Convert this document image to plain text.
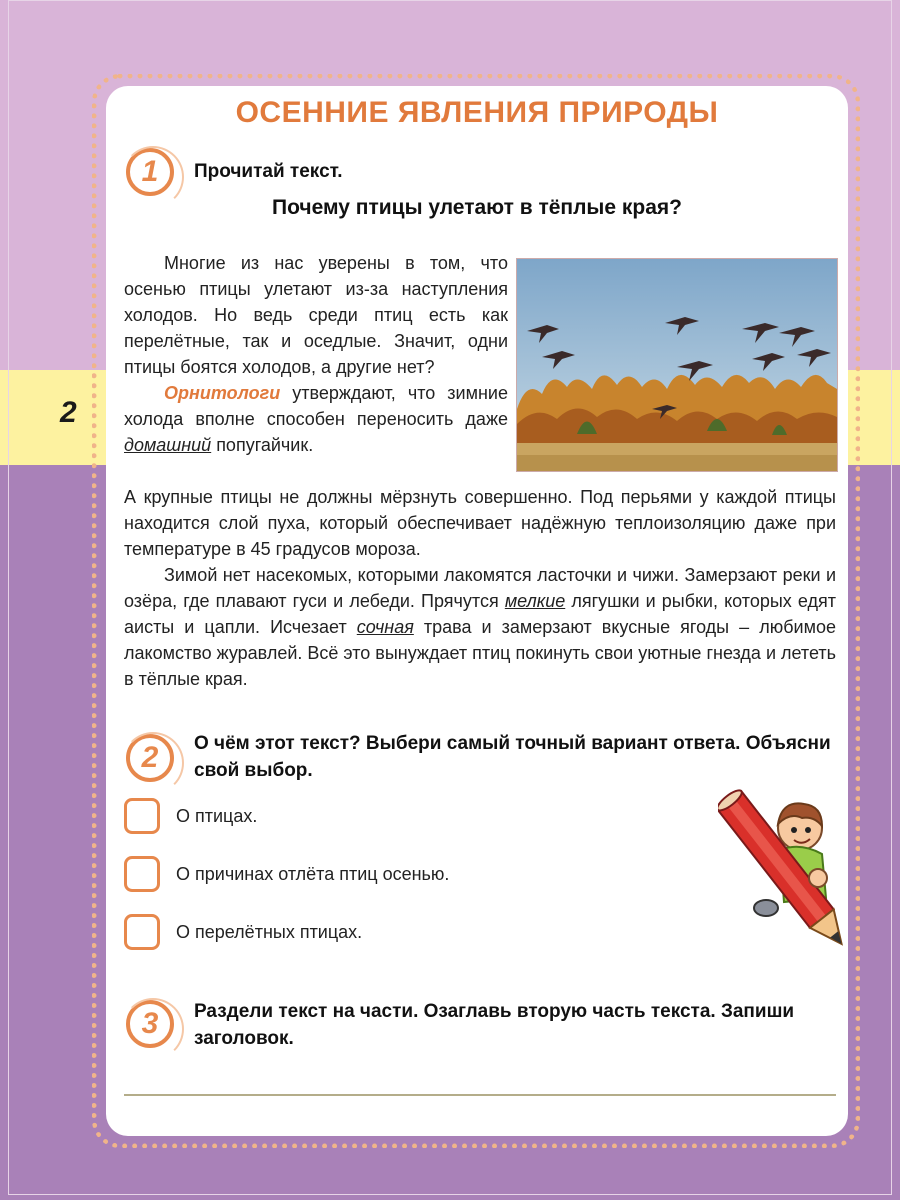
2
ОСЕННИЕ ЯВЛЕНИЯ ПРИРОДЫ
1 Прочитай текст.
Почему птицы улетают в тёплые края?

Многие из нас уверены в том, что осенью птицы улетают из-за наступления холодов. Но ведь среди птиц есть как перелётные, так и оседлые. Значит, одни птицы боятся холодов, а другие нет?

Орнитологи утверждают, что зимние холода вполне способен переносить даже домашний попугайчик.

А крупные птицы не должны мёрзнуть совершенно. Под перьями у каждой птицы находится слой пуха, который обеспечивает надёжную теплоизоляцию даже при температуре в 45 градусов мороза.

Зимой нет насекомых, которыми лакомятся ласточки и чижи. Замерзают реки и озёра, где плавают гуси и лебеди. Прячутся мелкие лягушки и рыбки, которых едят аисты и цапли. Исчезает сочная трава и замерзают вкусные ягоды – любимое лакомство журавлей. Всё это вынуждает птиц покинуть свои уютные гнезда и лететь в тёплые края.

2 О чём этот текст? Выбери самый точный вариант ответа. Объясни свой выбор.
О птицах.
О причинах отлёта птиц осенью.
О перелётных птицах.
3 Раздели текст на части. Озаглавь вторую часть текста. Запиши заголовок.
